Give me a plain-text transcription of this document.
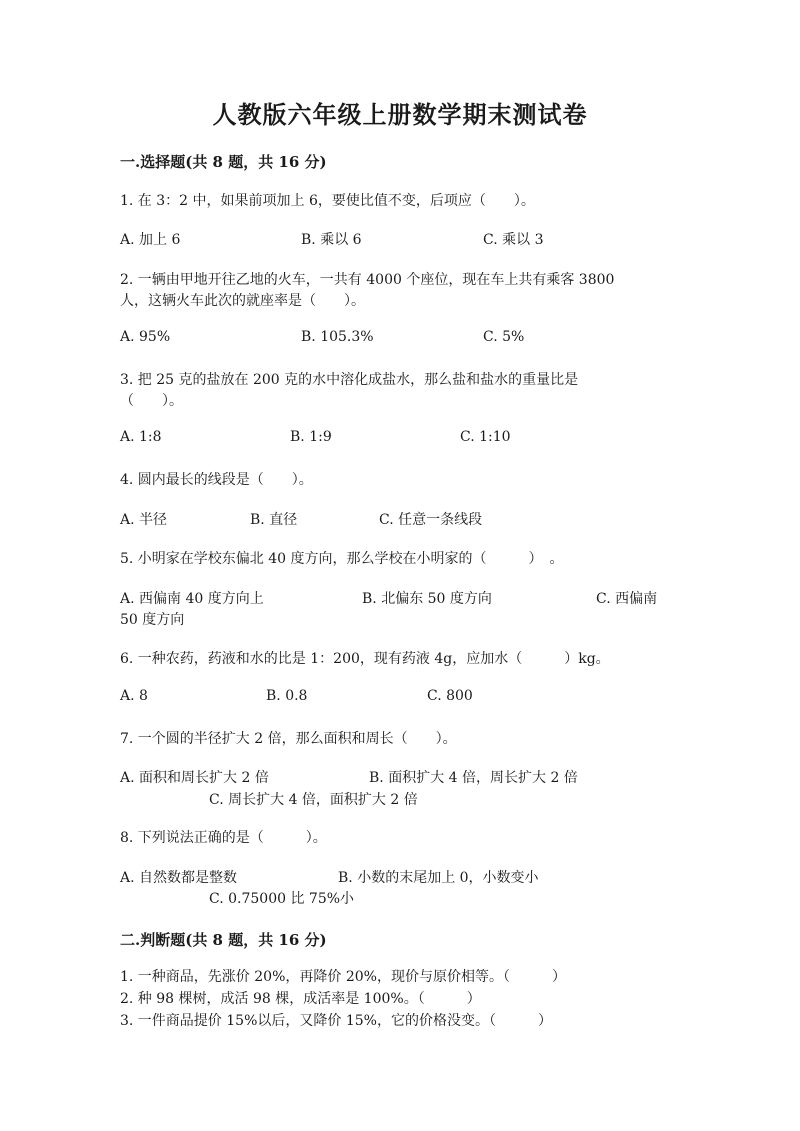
人教版六年级上册数学期末测试卷
一.选择题(共 8 题，共 16 分)
1. 在 3：2 中，如果前项加上 6，要使比值不变，后项应（　　）。
A. 加上 6	B. 乘以 6	C. 乘以 3
2. 一辆由甲地开往乙地的火车，一共有 4000 个座位，现在车上共有乘客 3800
人，这辆火车此次的就座率是（　　）。
A. 95%	B. 105.3%	C. 5%
3. 把 25 克的盐放在 200 克的水中溶化成盐水，那么盐和盐水的重量比是
（　　）。
A. 1:8	B. 1:9	C. 1:10
4. 圆内最长的线段是（　　）。
A. 半径	B. 直径	C. 任意一条线段
5. 小明家在学校东偏北 40 度方向，那么学校在小明家的（　　　）　。
A. 西偏南 40 度方向上	B. 北偏东 50 度方向	C. 西偏南
50 度方向
6. 一种农药，药液和水的比是 1：200，现有药液 4g，应加水（　　　）kg。
A. 8	B. 0.8	C. 800
7. 一个圆的半径扩大 2 倍，那么面积和周长（　　）。
A. 面积和周长扩大 2 倍	B. 面积扩大 4 倍，周长扩大 2 倍
C. 周长扩大 4 倍，面积扩大 2 倍
8. 下列说法正确的是（　　　）。
A. 自然数都是整数	B. 小数的末尾加上 0，小数变小
C. 0.75000 比 75%小
二.判断题(共 8 题，共 16 分)
1. 一种商品，先涨价 20%，再降价 20%，现价与原价相等。（　　　）
2. 种 98 棵树，成活 98 棵，成活率是 100%。（　　　）
3. 一件商品提价 15%以后，又降价 15%，它的价格没变。（　　　）
